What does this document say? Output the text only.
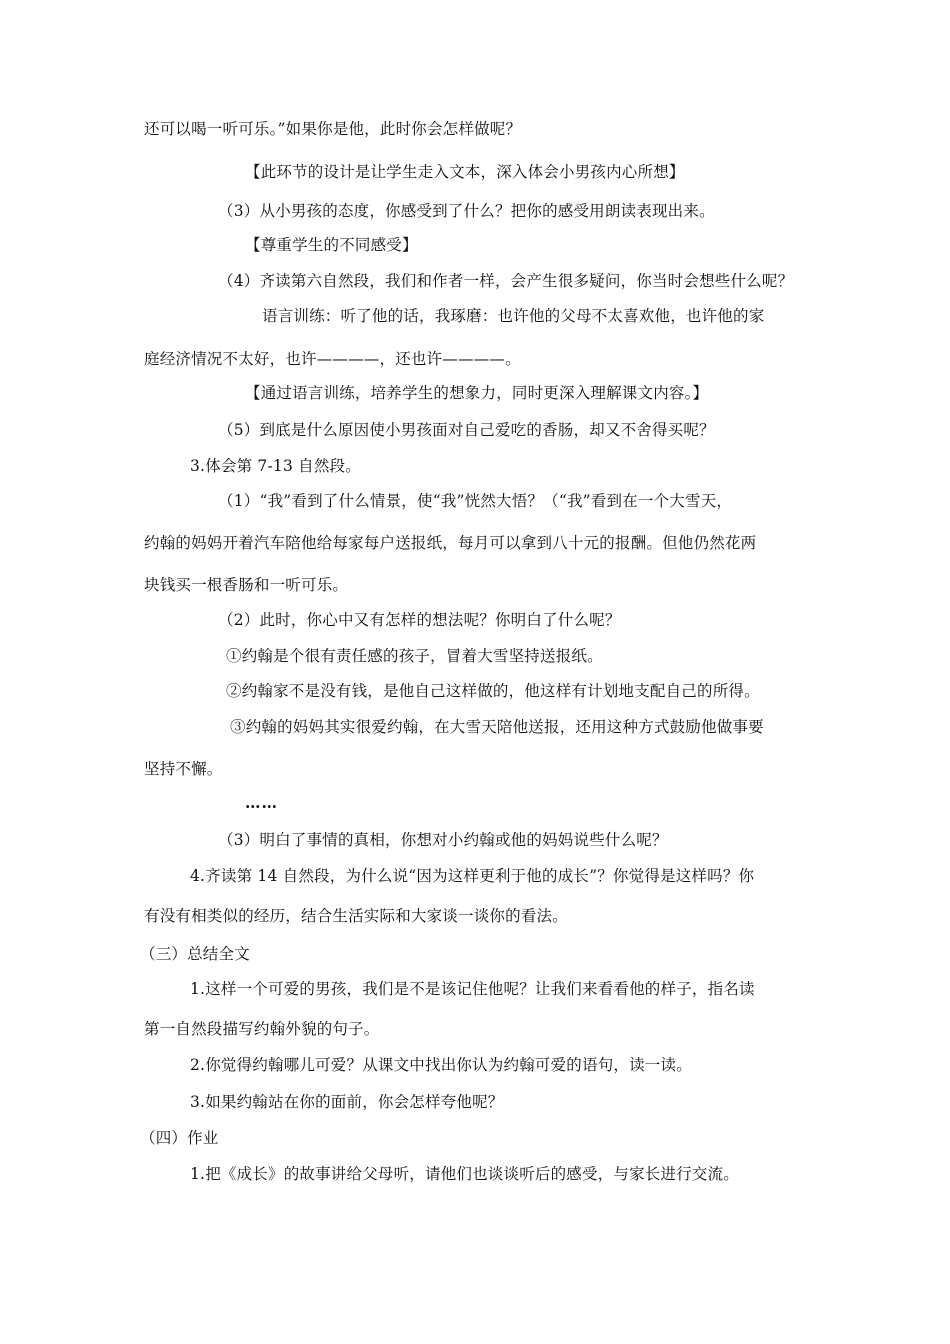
还可以喝一听可乐。”如果你是他，此时你会怎样做呢？
【此环节的设计是让学生走入文本，深入体会小男孩内心所想】
（3）从小男孩的态度，你感受到了什么？把你的感受用朗读表现出来。
【尊重学生的不同感受】
（4）齐读第六自然段，我们和作者一样，会产生很多疑问，你当时会想些什么呢？
语言训练：听了他的话，我琢磨：也许他的父母不太喜欢他，也许他的家
庭经济情况不太好，也许————，还也许————。
【通过语言训练，培养学生的想象力，同时更深入理解课文内容。】
（5）到底是什么原因使小男孩面对自己爱吃的香肠，却又不舍得买呢？
3.体会第 7-13 自然段。
（1）“我”看到了什么情景，使“我”恍然大悟？（“我”看到在一个大雪天，
约翰的妈妈开着汽车陪他给每家每户送报纸，每月可以拿到八十元的报酬。但他仍然花两
块钱买一根香肠和一听可乐。
（2）此时，你心中又有怎样的想法呢？你明白了什么呢？
①约翰是个很有责任感的孩子，冒着大雪坚持送报纸。
②约翰家不是没有钱，是他自己这样做的，他这样有计划地支配自己的所得。
③约翰的妈妈其实很爱约翰，在大雪天陪他送报，还用这种方式鼓励他做事要
坚持不懈。
……
（3）明白了事情的真相，你想对小约翰或他的妈妈说些什么呢？
4.齐读第 14 自然段，为什么说“因为这样更利于他的成长”？你觉得是这样吗？你
有没有相类似的经历，结合生活实际和大家谈一谈你的看法。
（三）总结全文
1.这样一个可爱的男孩，我们是不是该记住他呢？让我们来看看他的样子，指名读
第一自然段描写约翰外貌的句子。
2.你觉得约翰哪儿可爱？从课文中找出你认为约翰可爱的语句，读一读。
3.如果约翰站在你的面前，你会怎样夸他呢？
（四）作业
1.把《成长》的故事讲给父母听，请他们也谈谈听后的感受，与家长进行交流。
